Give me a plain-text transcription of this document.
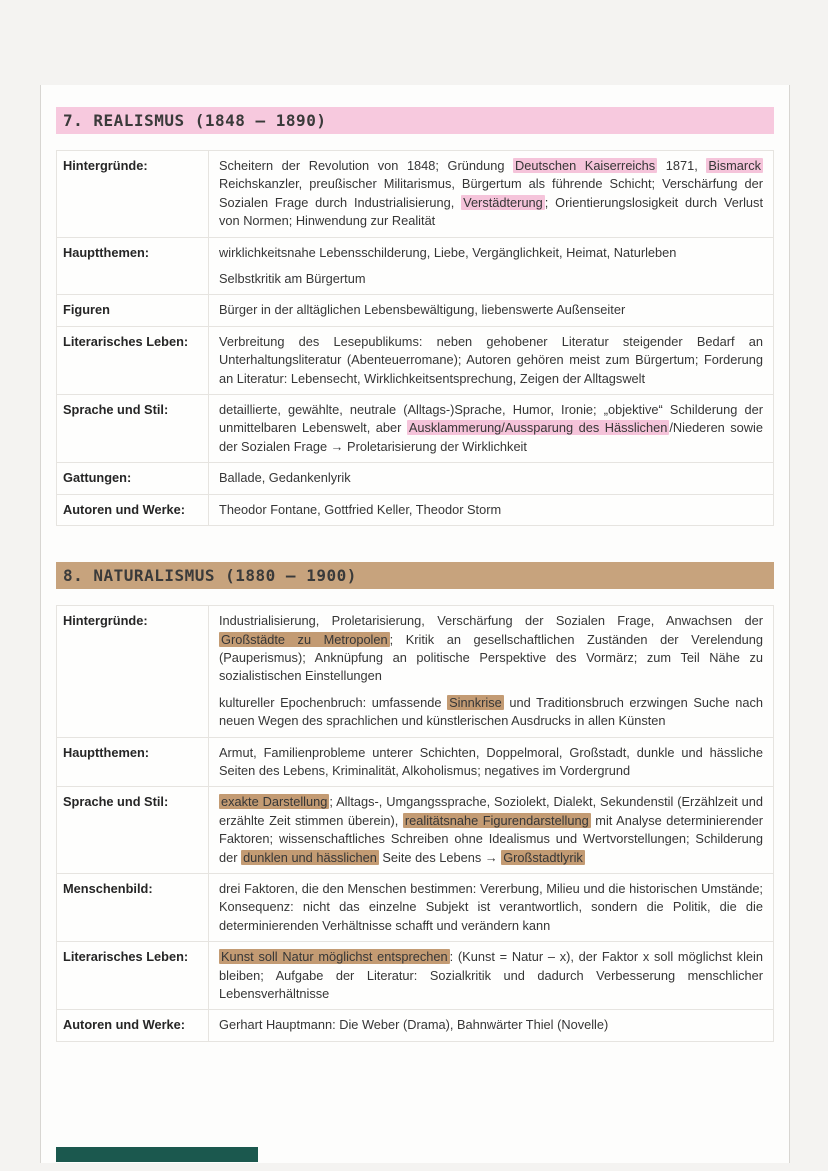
7. REALISMUS (1848 – 1890)
Hintergründe:	Scheitern der Revolution von 1848; Gründung Deutschen Kaiserreichs 1871, Bismarck Reichskanzler, preußischer Militarismus, Bürgertum als führende Schicht; Verschärfung der Sozialen Frage durch Industrialisierung, Verstädterung ; Orientierungslosigkeit durch Verlust von Normen; Hinwendung zur Realität

Hauptthemen:	wirklichkeitsnahe Lebensschilderung, Liebe, Vergänglichkeit, Heimat, Naturleben

Selbstkritik am Bürgertum

Figuren	Bürger in der alltäglichen Lebensbewältigung, liebenswerte Außenseiter

Literarisches Leben:	Verbreitung des Lesepublikums: neben gehobener Literatur steigender Bedarf an Unterhaltungsliteratur (Abenteuerromane); Autoren gehören meist zum Bürgertum; Forderung an Literatur: Lebensecht, Wirklichkeitsentsprechung, Zeigen der Alltagswelt

Sprache und Stil:	detaillierte, gewählte, neutrale (Alltags-)Sprache, Humor, Ironie; „objektive“ Schilderung der unmittelbaren Lebenswelt, aber Ausklammerung/Aussparung des Hässlichen /Niederen sowie der Sozialen Frage → Proletarisierung der Wirklichkeit

Gattungen:	Ballade, Gedankenlyrik

Autoren und Werke:	Theodor Fontane, Gottfried Keller, Theodor Storm

8. NATURALISMUS (1880 – 1900)
Hintergründe:	Industrialisierung, Proletarisierung, Verschärfung der Sozialen Frage, Anwachsen der Großstädte zu Metropolen ; Kritik an gesellschaftlichen Zuständen der Verelendung (Pauperismus); Anknüpfung an politische Perspektive des Vormärz; zum Teil Nähe zu sozialistischen Einstellungen

kultureller Epochenbruch: umfassende Sinnkrise und Traditionsbruch erzwingen Suche nach neuen Wegen des sprachlichen und künstlerischen Ausdrucks in allen Künsten

Hauptthemen:	Armut, Familienprobleme unterer Schichten, Doppelmoral, Großstadt, dunkle und hässliche Seiten des Lebens, Kriminalität, Alkoholismus; negatives im Vordergrund

Sprache und Stil:	exakte Darstellung ; Alltags-, Umgangssprache, Soziolekt, Dialekt, Sekundenstil (Erzählzeit und erzählte Zeit stimmen überein), realitätsnahe Figurendarstellung mit Analyse determinierender Faktoren; wissenschaftliches Schreiben ohne Idealismus und Wertvorstellungen; Schilderung der dunklen und hässlichen Seite des Lebens → Großstadtlyrik

Menschenbild:	drei Faktoren, die den Menschen bestimmen: Vererbung, Milieu und die historischen Umstände; Konsequenz: nicht das einzelne Subjekt ist verantwortlich, sondern die Politik, die die determinierenden Verhältnisse schafft und verändern kann

Literarisches Leben:	Kunst soll Natur möglichst entsprechen : (Kunst = Natur – x), der Faktor x soll möglichst klein bleiben; Aufgabe der Literatur: Sozialkritik und dadurch Verbesserung menschlicher Lebensverhältnisse

Autoren und Werke:	Gerhart Hauptmann: Die Weber (Drama), Bahnwärter Thiel (Novelle)
